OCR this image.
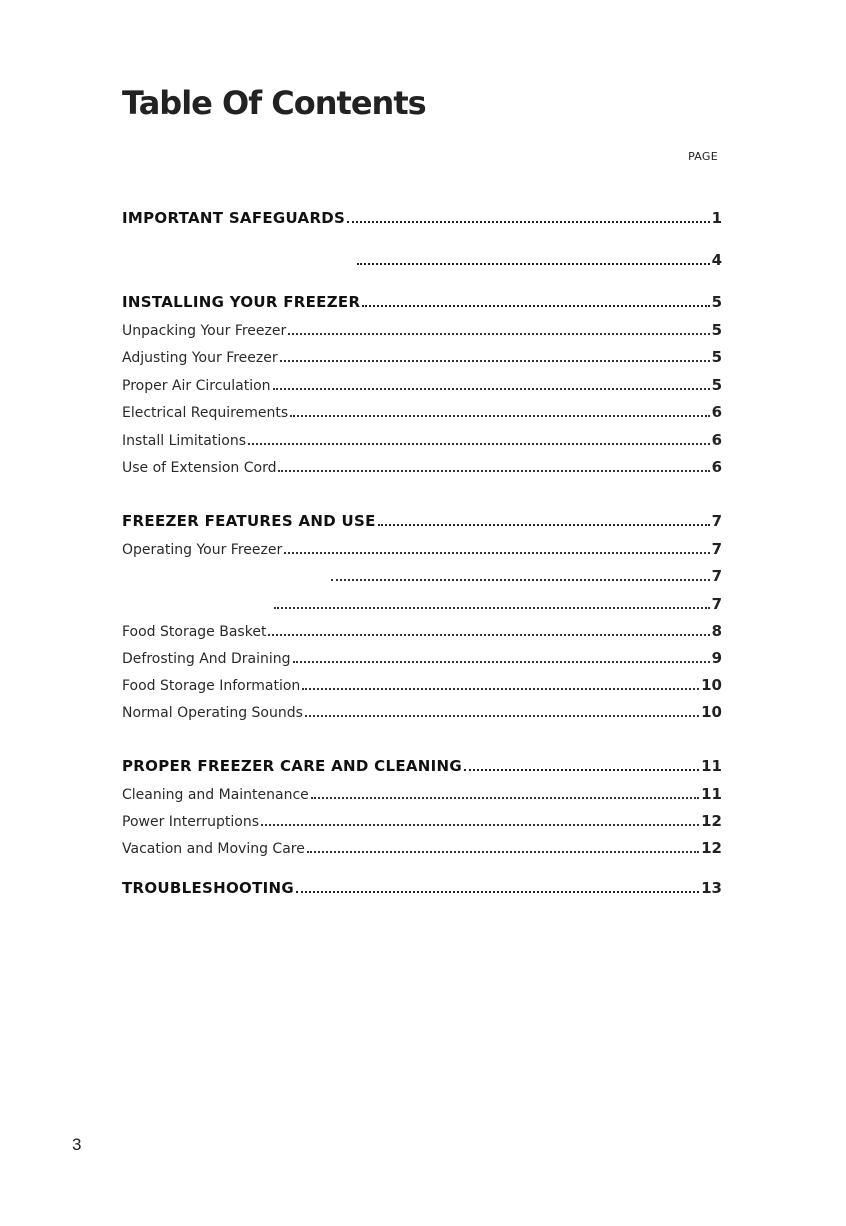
Table Of Contents
PAGE
IMPORTANT SAFEGUARDS	1
4
INSTALLING YOUR FREEZER	5
Unpacking Your Freezer	5
Adjusting Your Freezer	5
Proper Air Circulation	5
Electrical Requirements	6
Install Limitations	6
Use of Extension Cord	6
FREEZER FEATURES AND USE	7
Operating Your Freezer	7
7
7
Food Storage Basket	8
Defrosting And Draining	9
Food Storage Information	10
Normal Operating Sounds	10
PROPER FREEZER CARE AND CLEANING	11
Cleaning and Maintenance	11
Power Interruptions	12
Vacation and Moving Care	12
TROUBLESHOOTING	13
3
